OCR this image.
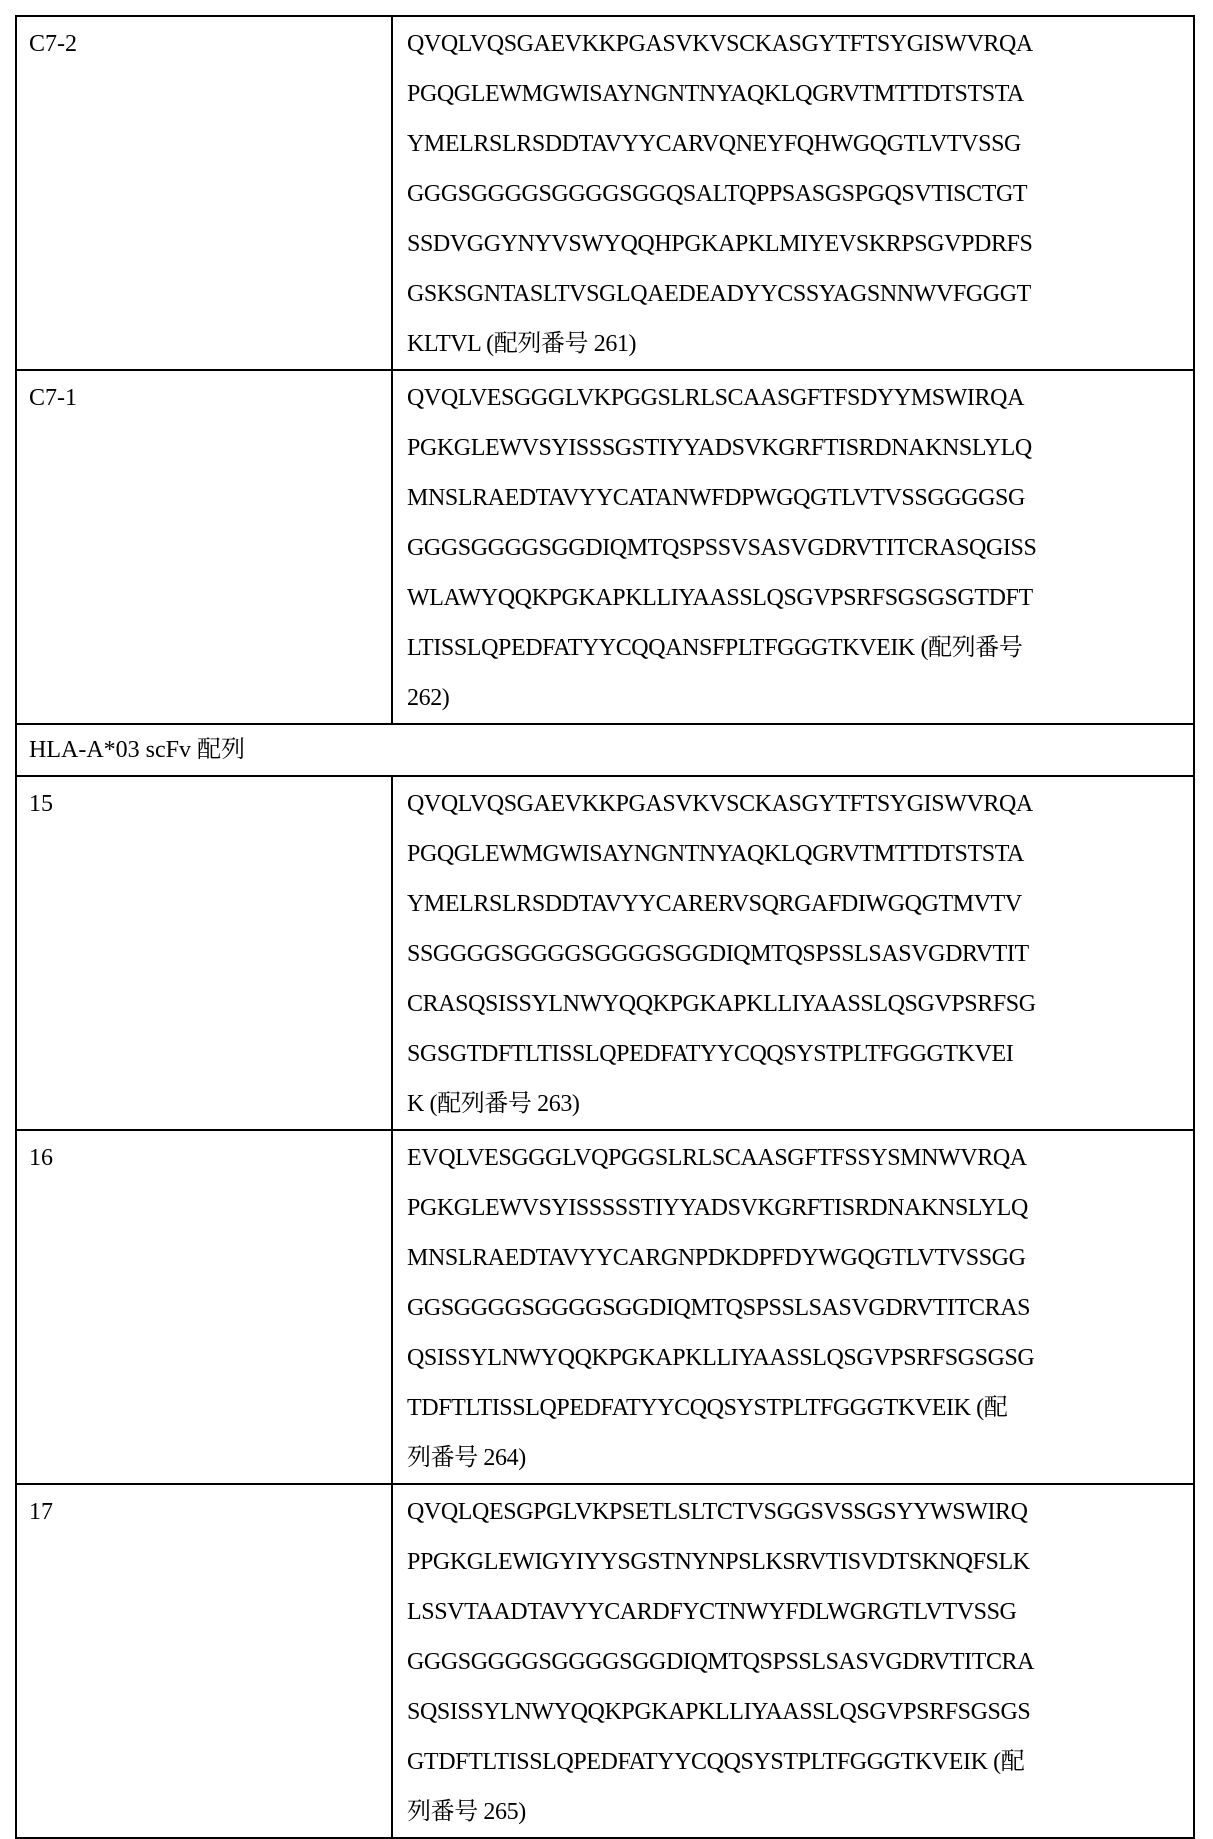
C7-2	QVQLVQSGAEVKKPGASVKVSCKASGYTFTSYGISWVRQA
PGQGLEWMGWISAYNGNTNYAQKLQGRVTMTTDTSTSTA
YMELRSLRSDDTAVYYCARVQNEYFQHWGQGTLVTVSSG
GGGSGGGGSGGGGSGGQSALTQPPSASGSPGQSVTISCTGT
SSDVGGYNYVSWYQQHPGKAPKLMIYEVSKRPSGVPDRFS
GSKSGNTASLTVSGLQAEDEADYYCSSYAGSNNWVFGGGT
KLTVL (配列番号 261)

C7-1	QVQLVESGGGLVKPGGSLRLSCAASGFTFSDYYMSWIRQA
PGKGLEWVSYISSSGSTIYYADSVKGRFTISRDNAKNSLYLQ
MNSLRAEDTAVYYCATANWFDPWGQGTLVTVSSGGGGSG
GGGSGGGGSGGDIQMTQSPSSVSASVGDRVTITCRASQGISS
WLAWYQQKPGKAPKLLIYAASSLQSGVPSRFSGSGSGTDFT
LTISSLQPEDFATYYCQQANSFPLTFGGGTKVEIK (配列番号
262)

HLA-A*03 scFv 配列	
15	QVQLVQSGAEVKKPGASVKVSCKASGYTFTSYGISWVRQA
PGQGLEWMGWISAYNGNTNYAQKLQGRVTMTTDTSTSTA
YMELRSLRSDDTAVYYCARERVSQRGAFDIWGQGTMVTV
SSGGGGSGGGGSGGGGSGGDIQMTQSPSSLSASVGDRVTIT
CRASQSISSYLNWYQQKPGKAPKLLIYAASSLQSGVPSRFSG
SGSGTDFTLTISSLQPEDFATYYCQQSYSTPLTFGGGTKVEI
K (配列番号 263)

16	EVQLVESGGGLVQPGGSLRLSCAASGFTFSSYSMNWVRQA
PGKGLEWVSYISSSSSTIYYADSVKGRFTISRDNAKNSLYLQ
MNSLRAEDTAVYYCARGNPDKDPFDYWGQGTLVTVSSGG
GGSGGGGSGGGGSGGDIQMTQSPSSLSASVGDRVTITCRAS
QSISSYLNWYQQKPGKAPKLLIYAASSLQSGVPSRFSGSGSG
TDFTLTISSLQPEDFATYYCQQSYSTPLTFGGGTKVEIK (配
列番号 264)

17	QVQLQESGPGLVKPSETLSLTCTVSGGSVSSGSYYWSWIRQ
PPGKGLEWIGYIYYSGSTNYNPSLKSRVTISVDTSKNQFSLK
LSSVTAADTAVYYCARDFYCTNWYFDLWGRGTLVTVSSG
GGGSGGGGSGGGGSGGDIQMTQSPSSLSASVGDRVTITCRA
SQSISSYLNWYQQKPGKAPKLLIYAASSLQSGVPSRFSGSGS
GTDFTLTISSLQPEDFATYYCQQSYSTPLTFGGGTKVEIK (配
列番号 265)
